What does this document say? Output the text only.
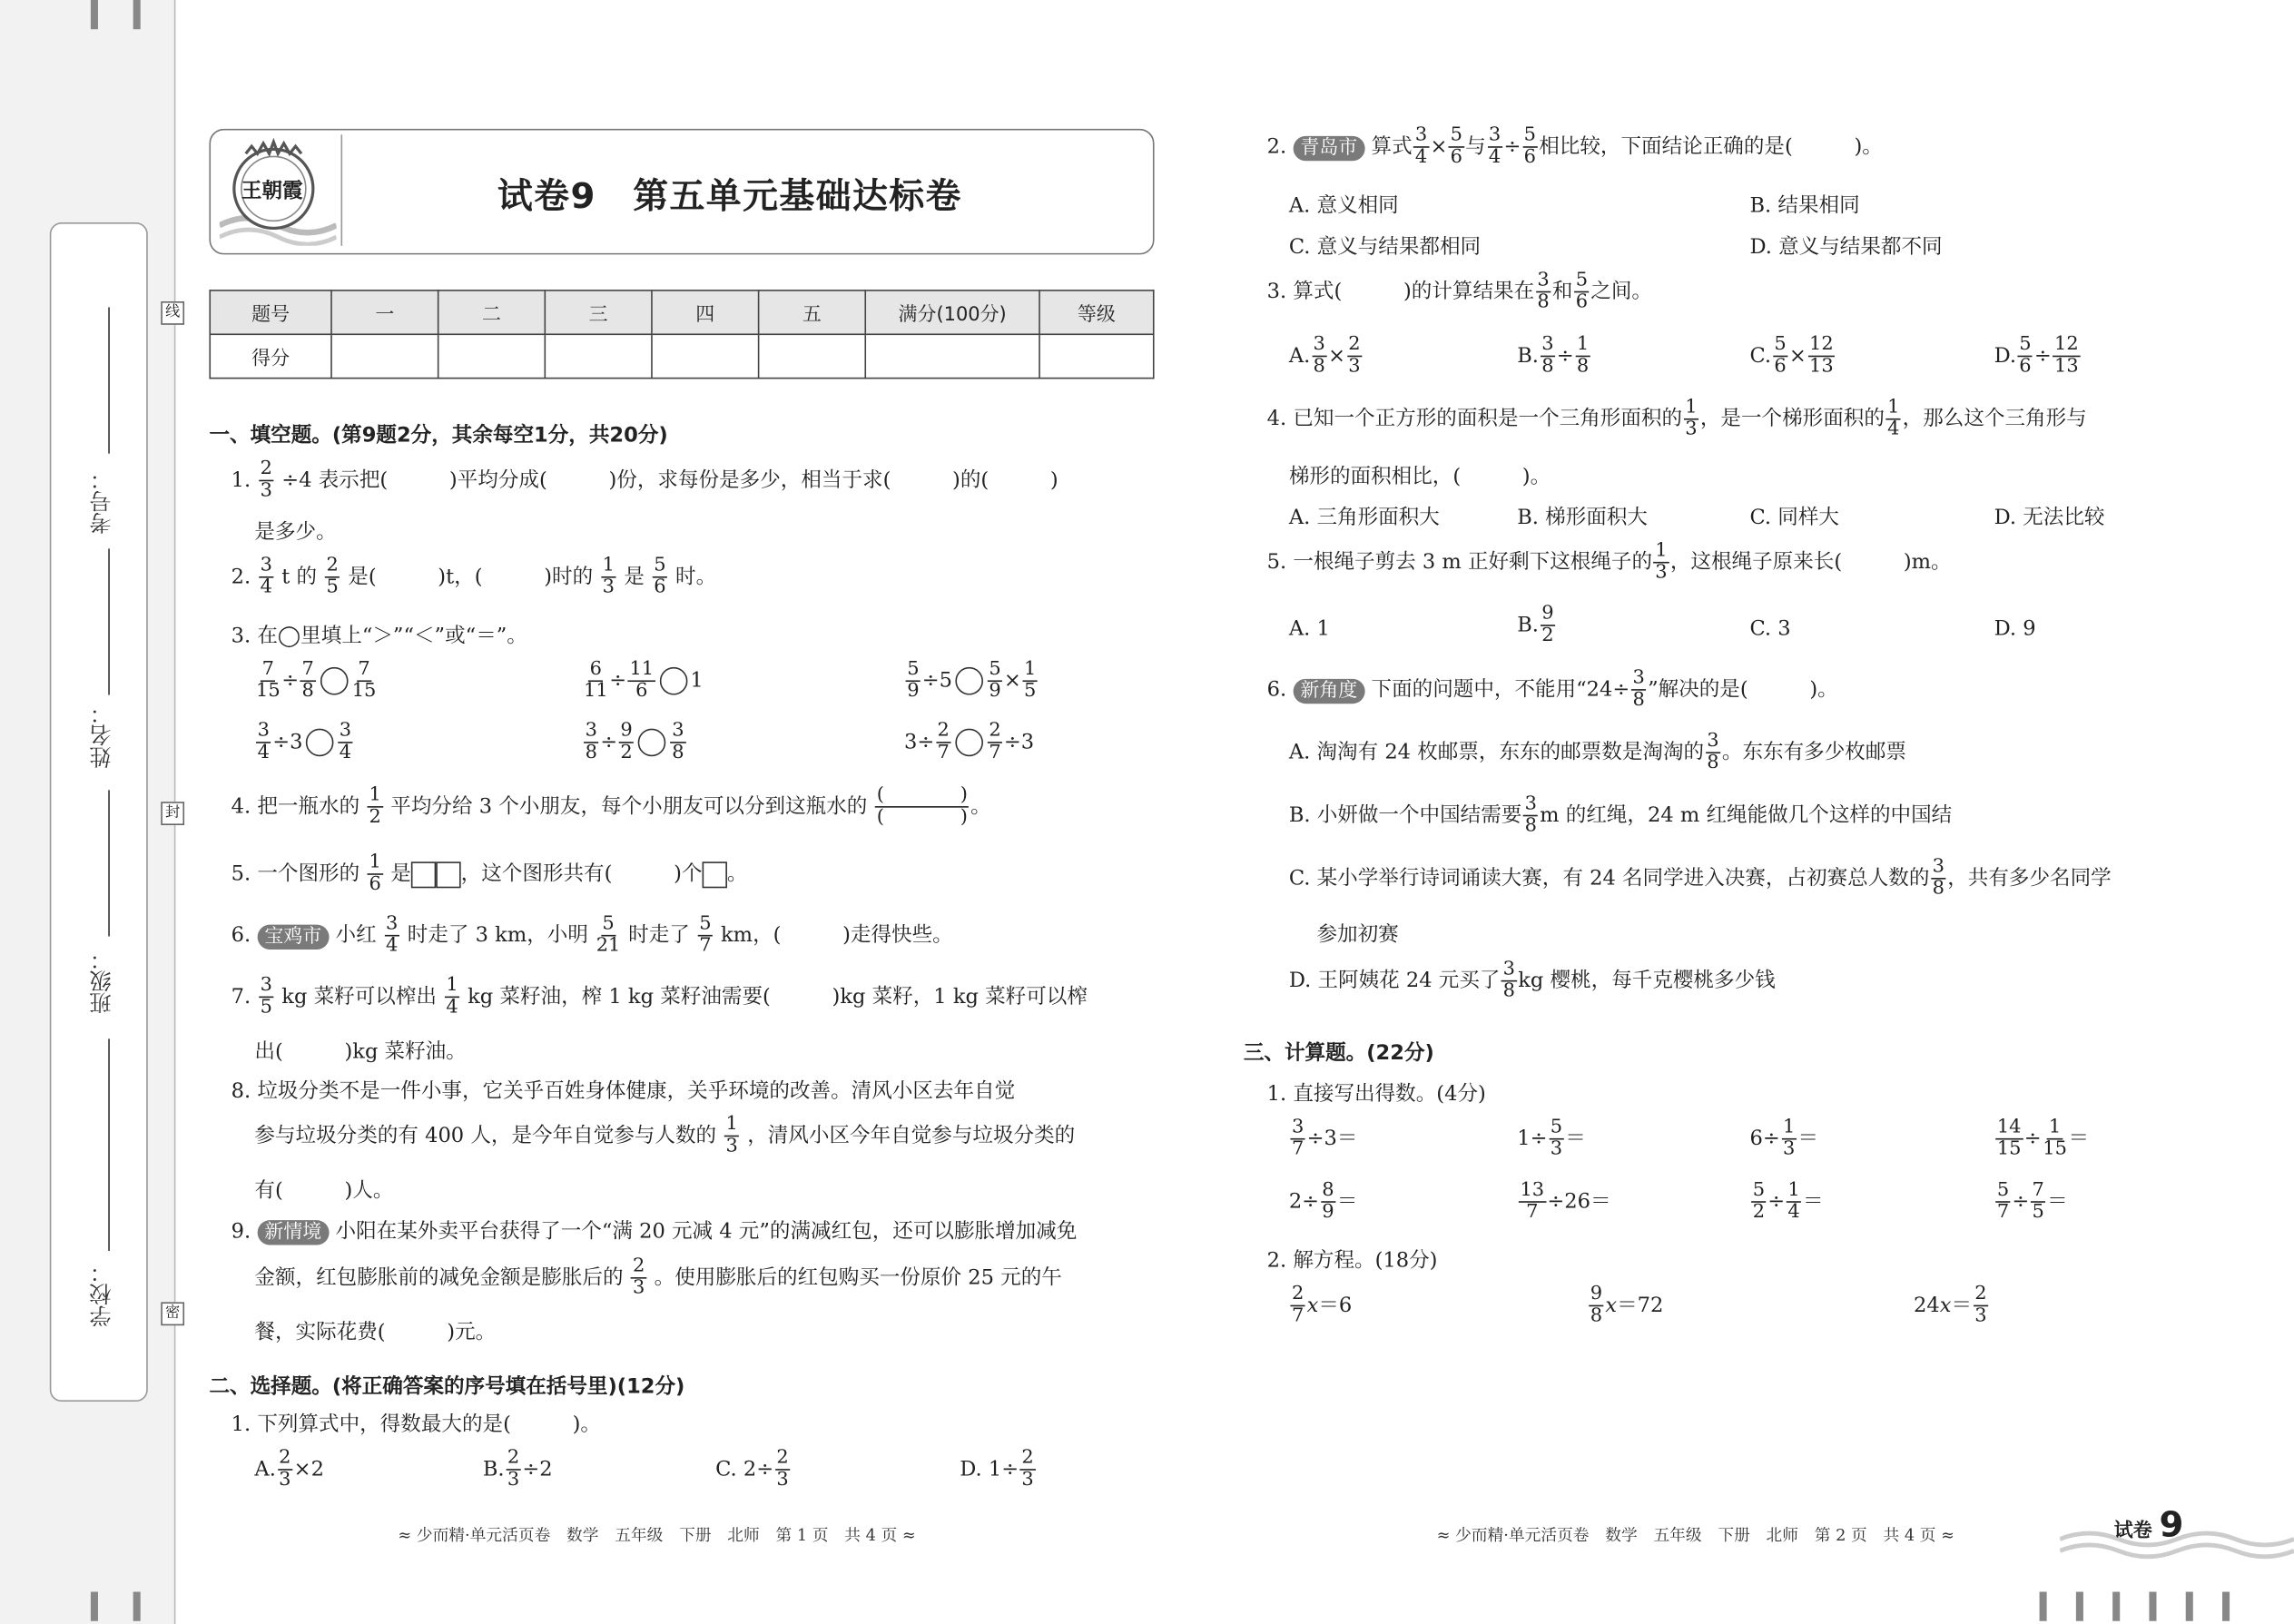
考号：
姓名：
班级：
学校：
线
封
密
王朝霞	试卷9　第五单元基础达标卷
题号	一	二	三	四	五	满分(100分)	等级
得分							
一、填空题。(第9题2分，其余每空1分，共20分)
1. $\frac{2}{3} \div 4$ 表示把(　　　)平均分成(　　　)份，求每份是多少，相当于求(　　　)的(　　　)
是多少。
2. $\frac{3}{4}$ t 的 $\frac{2}{5}$ 是(　　　)t，(　　　)时的 $\frac{1}{3}$ 是 $\frac{5}{6}$ 时。
3. 在◯里填上“＞”“＜”或“＝”。
$\frac{7}{15} \div \frac{7}{8}$	$\frac{7}{15}$	$\frac{6}{11} \div \frac{11}{6}$	1	$\frac{5}{9} \div 5$	$\frac{5}{9} \times \frac{1}{5}$
$\frac{3}{4} \div 3$	$\frac{3}{4}$	$\frac{3}{8} \div \frac{9}{2}$	$\frac{3}{8}$	$3\div \frac{2}{7}$	$\frac{2}{7} \div 3$
4. 把一瓶水的 $\frac{1}{2}$ 平均分给 3 个小朋友，每个小朋友可以分到这瓶水的 $\frac{( )}{( )}$ 。
5. 一个图形的 $\frac{1}{6}$ 是	，这个图形共有(　　　)个 。
6. 宝鸡市 小红 $\frac{3}{4}$ 时走了 3 km，小明 $\frac{5}{21}$ 时走了 $\frac{5}{7}$ km，(　　　)走得快些。
7. $\frac{3}{5}$ kg 菜籽可以榨出 $\frac{1}{4}$ kg 菜籽油，榨 1 kg 菜籽油需要(　　　)kg 菜籽，1 kg 菜籽可以榨
出(　　　)kg 菜籽油。
8. 垃圾分类不是一件小事，它关乎百姓身体健康，关乎环境的改善。清风小区去年自觉
参与垃圾分类的有 400 人，是今年自觉参与人数的 $\frac{1}{3}$ ，清风小区今年自觉参与垃圾分类的
有(　　　)人。
9. 新情境 小阳在某外卖平台获得了一个“满 20 元减 4 元”的满减红包，还可以膨胀增加减免
金额，红包膨胀前的减免金额是膨胀后的 $\frac{2}{3}$ 。使用膨胀后的红包购买一份原价 25 元的午
餐，实际花费(　　　)元。
二、选择题。(将正确答案的序号填在括号里)(12分)
1. 下列算式中，得数最大的是(　　　)。
A. $\frac{2}{3} \times 2$	B. $\frac{2}{3} \div 2$	C. $2\div \frac{2}{3}$	D. $1\div \frac{2}{3}$
≈ 少而精·单元活页卷　数学　五年级　下册　北师　第 1 页　共 4 页 ≈
2. 青岛市 算式 $\frac{3}{4} \times \frac{5}{6}$ 与 $\frac{3}{4} \div \frac{5}{6}$ 相比较，下面结论正确的是(　　　)。
A. 意义相同	B. 结果相同
C. 意义与结果都相同	D. 意义与结果都不同
3. 算式(　　　)的计算结果在 $\frac{3}{8}$ 和 $\frac{5}{6}$ 之间。
A. $\frac{3}{8} \times \frac{2}{3}$	B. $\frac{3}{8} \div \frac{1}{8}$	C. $\frac{5}{6} \times \frac{12}{13}$	D. $\frac{5}{6} \div \frac{12}{13}$
4. 已知一个正方形的面积是一个三角形面积的 $\frac{1}{3}$ ，是一个梯形面积的 $\frac{1}{4}$ ，那么这个三角形与
梯形的面积相比，(　　　)。
A. 三角形面积大	B. 梯形面积大	C. 同样大	D. 无法比较
5. 一根绳子剪去 3 m 正好剩下这根绳子的 $\frac{1}{3}$ ，这根绳子原来长(　　　)m。
A. 1	B. $\frac{9}{2}$	C. 3	D. 9
6. 新角度 下面的问题中，不能用“$24\div \frac{3}{8}$ ”解决的是(　　　)。
A. 淘淘有 24 枚邮票，东东的邮票数是淘淘的 $\frac{3}{8}$ 。东东有多少枚邮票
B. 小妍做一个中国结需要 $\frac{3}{8}$ m 的红绳，24 m 红绳能做几个这样的中国结
C. 某小学举行诗词诵读大赛，有 24 名同学进入决赛，占初赛总人数的 $\frac{3}{8}$ ，共有多少名同学
参加初赛
D. 王阿姨花 24 元买了 $\frac{3}{8}$ kg 樱桃，每千克樱桃多少钱
三、计算题。(22分)
1. 直接写出得数。(4分)
$\frac{3}{7} \div 3=$	$1\div \frac{5}{3}$ ＝	$6\div \frac{1}{3}$ ＝	$\frac{14}{15} \div \frac{1}{15}$ ＝
$2\div \frac{8}{9}$ ＝	$\frac{13}{7} \div 26=$	$\frac{5}{2} \div \frac{1}{4}$ ＝	$\frac{5}{7} \div \frac{7}{5}$ ＝
2. 解方程。(18分)
$\frac{2}{7} x=6$	$\frac{9}{8} x=72$	$24x= \frac{2}{3}$
≈ 少而精·单元活页卷　数学　五年级　下册　北师　第 2 页　共 4 页 ≈	试卷 9
